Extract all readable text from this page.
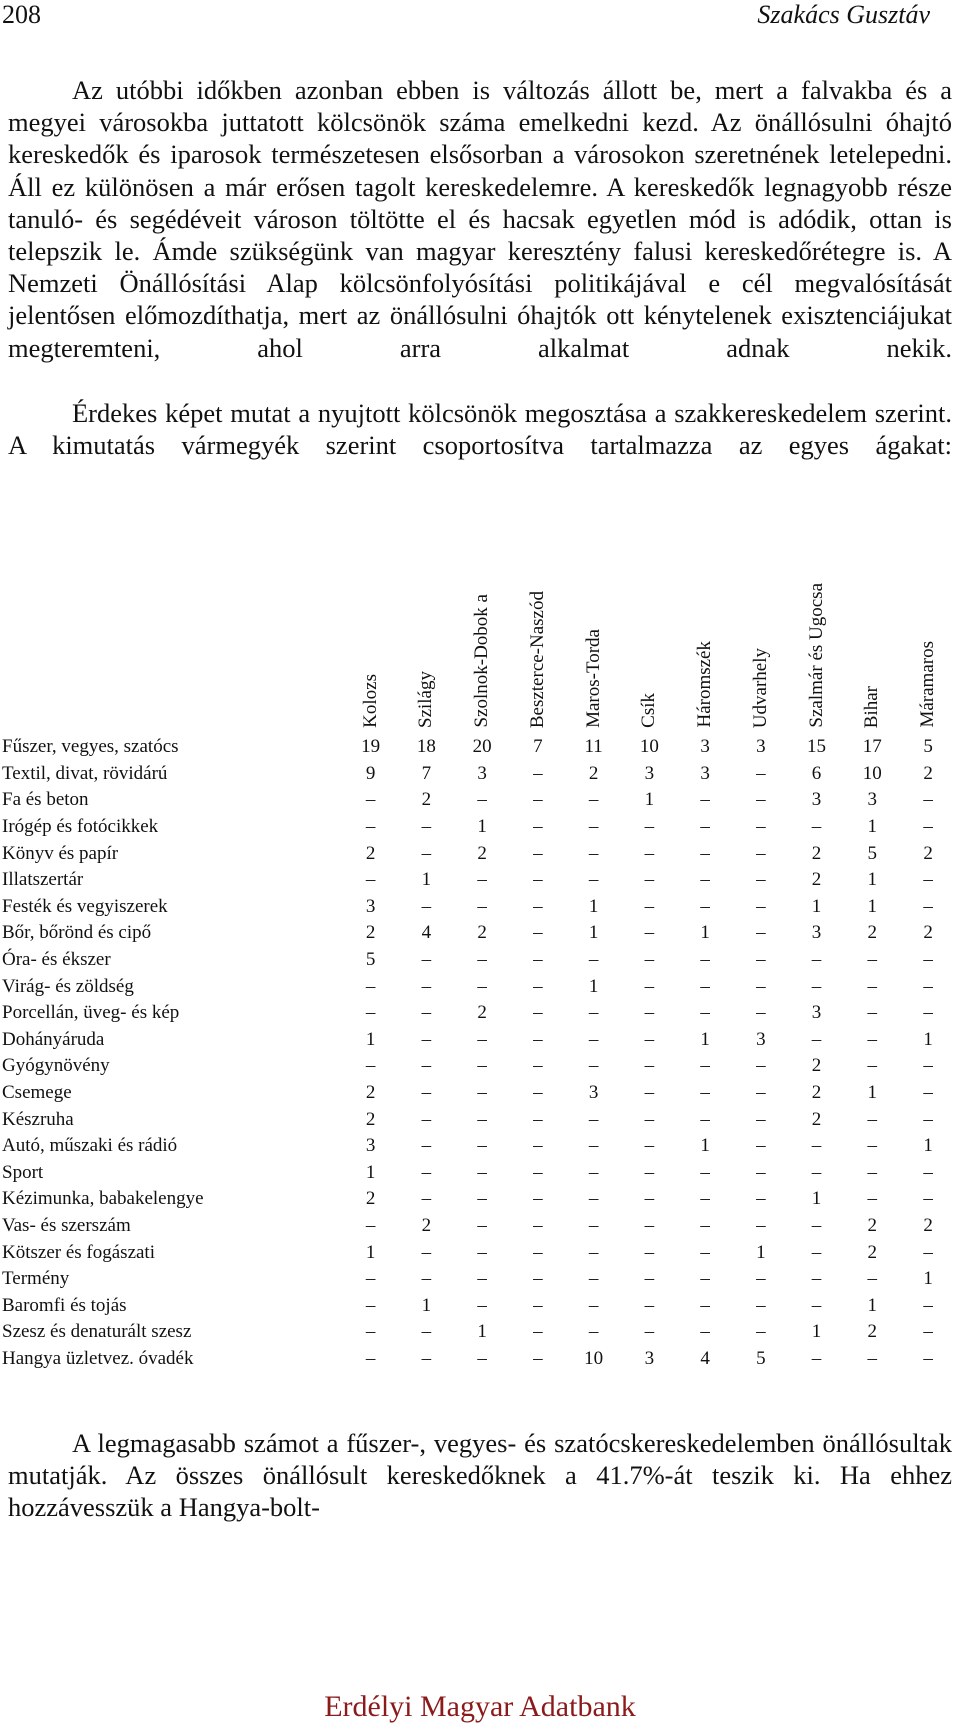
208	Szakács Gusztáv
Az utóbbi időkben azonban ebben is változás állott be, mert a falvakba és a megyei városokba juttatott kölcsönök száma emelkedni kezd. Az önállósulni óhajtó kereskedők és iparosok természetesen elsősorban a városokon szeretnének letelepedni. Áll ez különösen a már erősen tagolt kereskedelemre. A kereskedők legnagyobb része tanuló- és segédéveit városon töltötte el és hacsak egyetlen mód is adódik, ottan is telepszik le. Ámde szükségünk van magyar keresztény falusi kereskedőrétegre is. A Nemzeti Önállósítási Alap kölcsönfolyósítási politikájával e cél megvalósítását jelentősen előmozdíthatja, mert az önállósulni óhajtók ott kénytelenek exisztenciájukat megteremteni, ahol arra alkalmat adnak nekik.
Érdekes képet mutat a nyujtott kölcsönök megosztása a szakkereskedelem szerint. A kimutatás vármegyék szerint csoportosítva tartalmazza az egyes ágakat:
	Kolozs	Szilágy	Szolnok-Dobok a	Beszterce-Naszód	Maros-Torda	Csík	Háromszék	Udvarhely	Szalmár és Ugocsa	Bihar	Máramaros
Fűszer, vegyes, szatócs	19	18	20	7	11	10	3	3	15	17	5
Textil, divat, rövidárú	9	7	3	–	2	3	3	–	6	10	2
Fa és beton	–	2	–	–	–	1	–	–	3	3	–
Irógép és fotócikkek	–	–	1	–	–	–	–	–	–	1	–
Könyv és papír	2	–	2	–	–	–	–	–	2	5	2
Illatszertár	–	1	–	–	–	–	–	–	2	1	–
Festék és vegyiszerek	3	–	–	–	1	–	–	–	1	1	–
Bőr, bőrönd és cipő	2	4	2	–	1	–	1	–	3	2	2
Óra- és ékszer	5	–	–	–	–	–	–	–	–	–	–
Virág- és zöldség	–	–	–	–	1	–	–	–	–	–	–
Porcellán, üveg- és kép	–	–	2	–	–	–	–	–	3	–	–
Dohányáruda	1	–	–	–	–	–	1	3	–	–	1
Gyógynövény	–	–	–	–	–	–	–	–	2	–	–
Csemege	2	–	–	–	3	–	–	–	2	1	–
Készruha	2	–	–	–	–	–	–	–	2	–	–
Autó, műszaki és rádió	3	–	–	–	–	–	1	–	–	–	1
Sport	1	–	–	–	–	–	–	–	–	–	–
Kézimunka, babakelengye	2	–	–	–	–	–	–	–	1	–	–
Vas- és szerszám	–	2	–	–	–	–	–	–	–	2	2
Kötszer és fogászati	1	–	–	–	–	–	–	1	–	2	–
Termény	–	–	–	–	–	–	–	–	–	–	1
Baromfi és tojás	–	1	–	–	–	–	–	–	–	1	–
Szesz és denaturált szesz	–	–	1	–	–	–	–	–	1	2	–
Hangya üzletvez. óvadék	–	–	–	–	10	3	4	5	–	–	–
A legmagasabb számot a fűszer-, vegyes- és szatócskereskedelemben önállósultak mutatják. Az összes önállósult kereskedőknek a 41.7%-át teszik ki. Ha ehhez hozzávesszük a Hangya-bolt-
Erdélyi Magyar Adatbank
